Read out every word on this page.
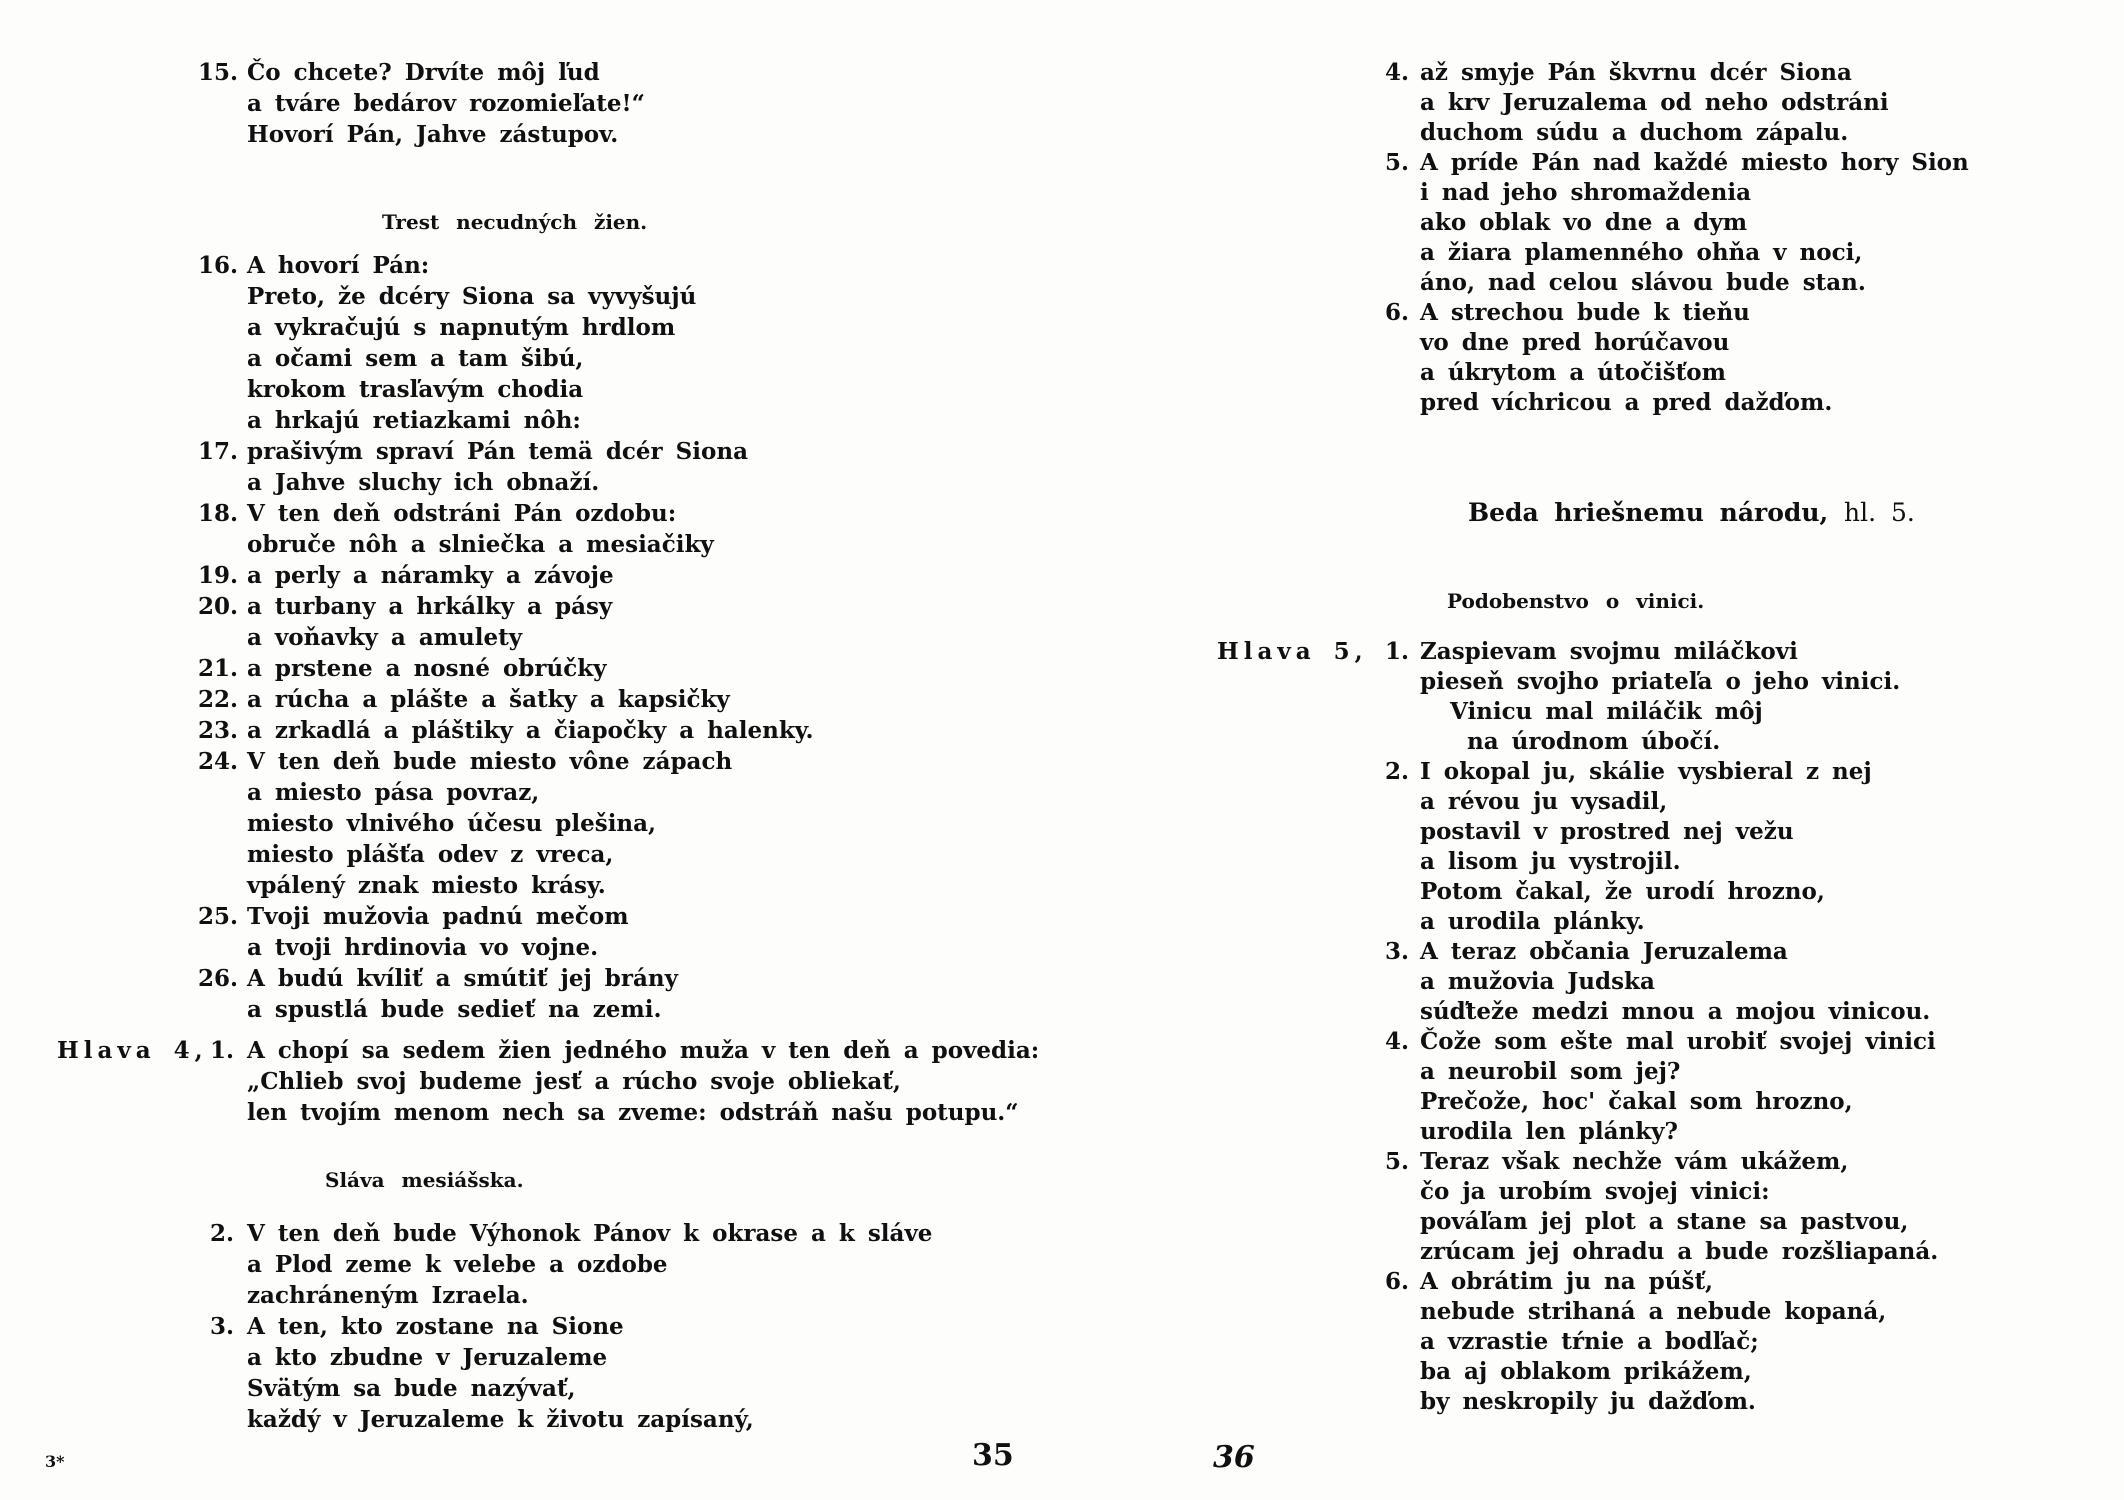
15. Čo chcete? Drvíte môj ľud
a tváre bedárov rozomieľate!“
Hovorí Pán, Jahve zástupov.
Trest necudných žien.
16. A hovorí Pán:
Preto, že dcéry Siona sa vyvyšujú
a vykračujú s napnutým hrdlom
a očami sem a tam šibú,
krokom trasľavým chodia
a hrkajú retiazkami nôh:
17. prašivým spraví Pán temä dcér Siona
a Jahve sluchy ich obnaží.
18. V ten deň odstráni Pán ozdobu:
obruče nôh a slniečka a mesiačiky
19. a perly a náramky a závoje
20. a turbany a hrkálky a pásy
a voňavky a amulety
21. a prstene a nosné obrúčky
22. a rúcha a plášte a šatky a kapsičky
23. a zrkadlá a pláštiky a čiapočky a halenky.
24. V ten deň bude miesto vône zápach
a miesto pása povraz,
miesto vlnivého účesu plešina,
miesto plášťa odev z vreca,
vpálený znak miesto krásy.
25. Tvoji mužovia padnú mečom
a tvoji hrdinovia vo vojne.
26. A budú kvíliť a smútiť jej brány
a spustlá bude sedieť na zemi.
Hlava 4, 1. A chopí sa sedem žien jedného muža v ten deň a povedia:
„Chlieb svoj budeme jesť a rúcho svoje obliekať,
len tvojím menom nech sa zveme: odstráň našu potupu.“
Sláva mesiášska.
2. V ten deň bude Výhonok Pánov k okrase a k sláve
a Plod zeme k velebe a ozdobe
zachráneným Izraela.
3. A ten, kto zostane na Sione
a kto zbudne v Jeruzaleme
Svätým sa bude nazývať,
každý v Jeruzaleme k životu zapísaný,
4. až smyje Pán škvrnu dcér Siona
a krv Jeruzalema od neho odstráni
duchom súdu a duchom zápalu.
5. A príde Pán nad každé miesto hory Sion
i nad jeho shromaždenia
ako oblak vo dne a dym
a žiara plamenného ohňa v noci,
áno, nad celou slávou bude stan.
6. A strechou bude k tieňu
vo dne pred horúčavou
a úkrytom a útočišťom
pred víchricou a pred dažďom.
Beda hriešnemu národu, hl. 5.
Podobenstvo o vinici.
Hlava 5, 1. Zaspievam svojmu miláčkovi
pieseň svojho priateľa o jeho vinici.
Vinicu mal miláčik môj
na úrodnom úbočí.
2. I okopal ju, skálie vysbieral z nej
a révou ju vysadil,
postavil v prostred nej vežu
a lisom ju vystrojil.
Potom čakal, že urodí hrozno,
a urodila plánky.
3. A teraz občania Jeruzalema
a mužovia Judska
súďteže medzi mnou a mojou vinicou.
4. Čože som ešte mal urobiť svojej vinici
a neurobil som jej?
Prečože, hoc' čakal som hrozno,
urodila len plánky?
5. Teraz však nechže vám ukážem,
čo ja urobím svojej vinici:
pováľam jej plot a stane sa pastvou,
zrúcam jej ohradu a bude rozšliapaná.
6. A obrátim ju na púšť,
nebude strihaná a nebude kopaná,
a vzrastie tŕnie a bodľač;
ba aj oblakom prikážem,
by neskropily ju dažďom.
3*	35	36
